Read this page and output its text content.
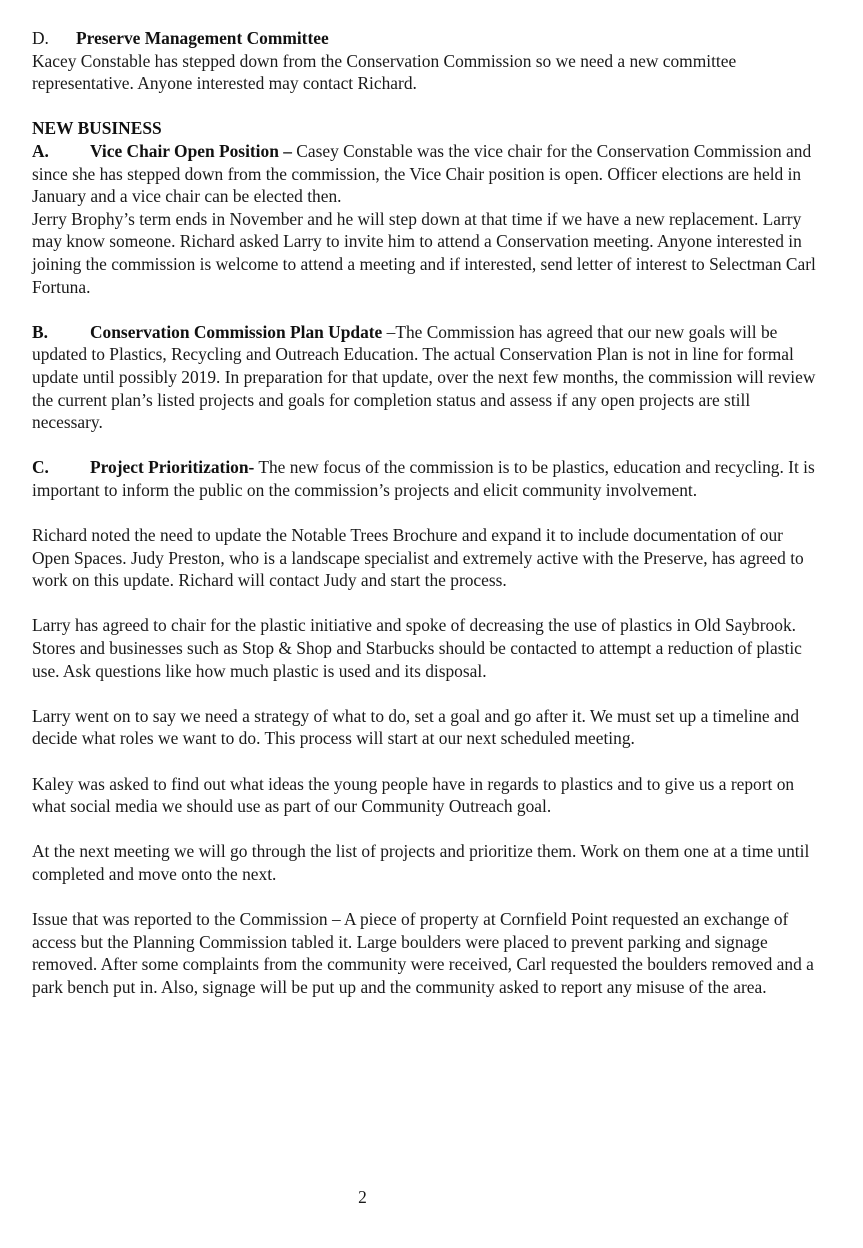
D. Preserve Management Committee

Kacey Constable has stepped down from the Conservation Commission so we need a new committee representative. Anyone interested may contact Richard.

NEW BUSINESS

A. Vice Chair Open Position – Casey Constable was the vice chair for the Conservation Commission and since she has stepped down from the commission, the Vice Chair position is open. Officer elections are held in January and a vice chair can be elected then.

Jerry Brophy’s term ends in November and he will step down at that time if we have a new replacement. Larry may know someone. Richard asked Larry to invite him to attend a Conservation meeting. Anyone interested in joining the commission is welcome to attend a meeting and if interested, send letter of interest to Selectman Carl Fortuna.

B. Conservation Commission Plan Update –The Commission has agreed that our new goals will be updated to Plastics, Recycling and Outreach Education. The actual Conservation Plan is not in line for formal update until possibly 2019. In preparation for that update, over the next few months, the commission will review the current plan’s listed projects and goals for completion status and assess if any open projects are still necessary.

C. Project Prioritization- The new focus of the commission is to be plastics, education and recycling. It is important to inform the public on the commission’s projects and elicit community involvement.

Richard noted the need to update the Notable Trees Brochure and expand it to include documentation of our Open Spaces. Judy Preston, who is a landscape specialist and extremely active with the Preserve, has agreed to work on this update. Richard will contact Judy and start the process.

Larry has agreed to chair for the plastic initiative and spoke of decreasing the use of plastics in Old Saybrook. Stores and businesses such as Stop & Shop and Starbucks should be contacted to attempt a reduction of plastic use. Ask questions like how much plastic is used and its disposal.

Larry went on to say we need a strategy of what to do, set a goal and go after it. We must set up a timeline and decide what roles we want to do. This process will start at our next scheduled meeting.

Kaley was asked to find out what ideas the young people have in regards to plastics and to give us a report on what social media we should use as part of our Community Outreach goal.

At the next meeting we will go through the list of projects and prioritize them. Work on them one at a time until completed and move onto the next.

Issue that was reported to the Commission – A piece of property at Cornfield Point requested an exchange of access but the Planning Commission tabled it. Large boulders were placed to prevent parking and signage removed. After some complaints from the community were received, Carl requested the boulders removed and a park bench put in. Also, signage will be put up and the community asked to report any misuse of the area.

2
